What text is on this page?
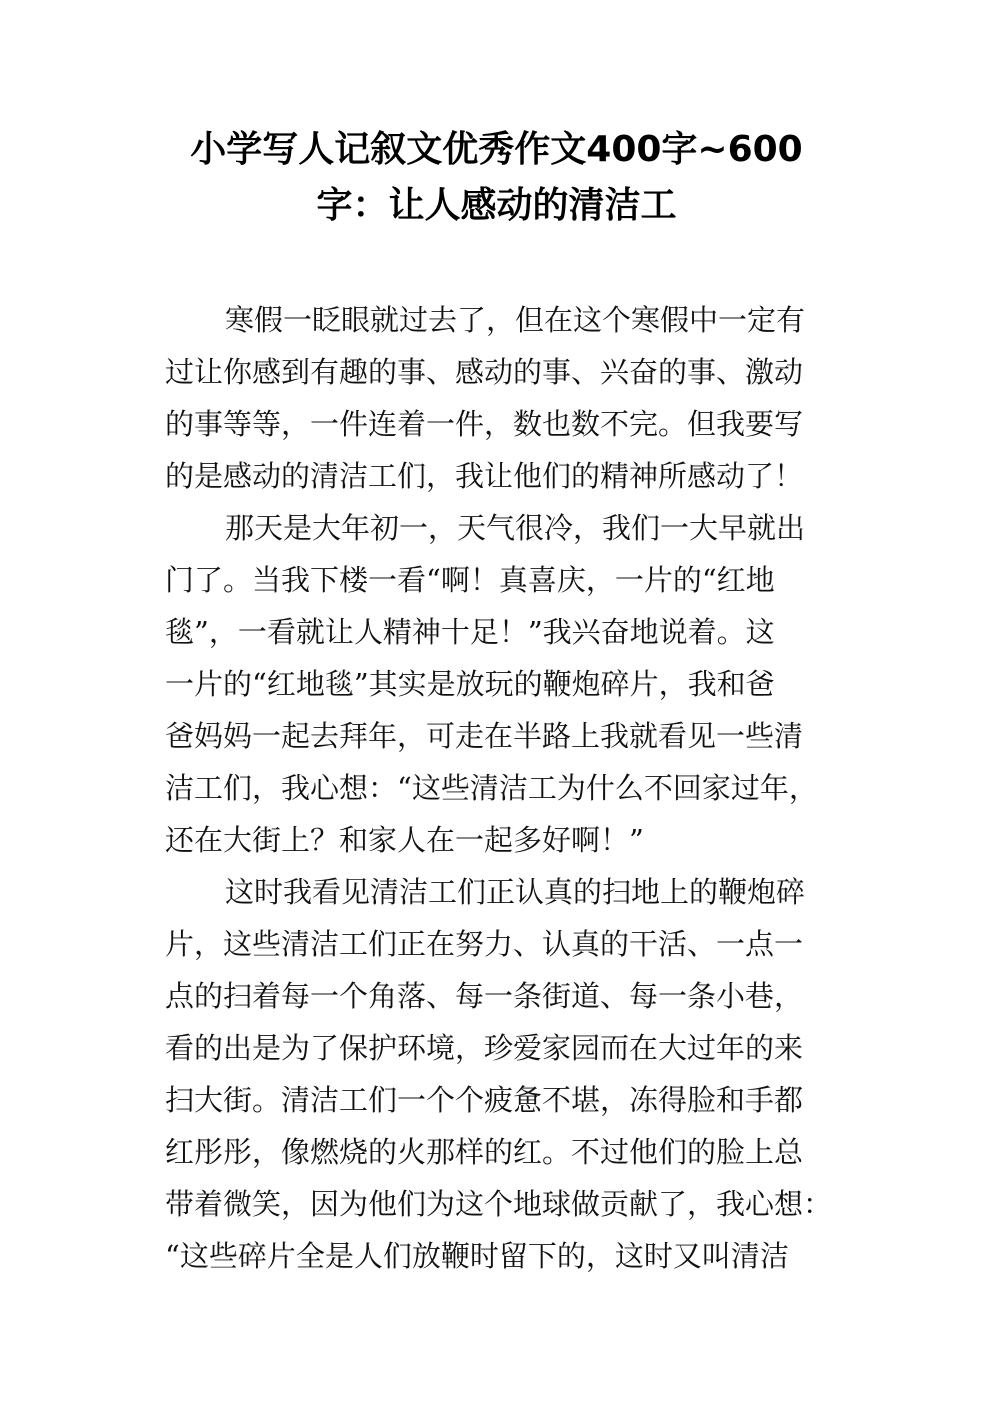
小学写人记叙文优秀作文400字~600
字：让人感动的清洁工
寒假一眨眼就过去了，但在这个寒假中一定有
过让你感到有趣的事、感动的事、兴奋的事、激动
的事等等，一件连着一件，数也数不完。但我要写
的是感动的清洁工们，我让他们的精神所感动了！
那天是大年初一，天气很冷，我们一大早就出
门了。当我下楼一看“啊！真喜庆，一片的“红地
毯”，一看就让人精神十足！”我兴奋地说着。这
一片的“红地毯”其实是放玩的鞭炮碎片，我和爸
爸妈妈一起去拜年，可走在半路上我就看见一些清
洁工们，我心想：“这些清洁工为什么不回家过年，
还在大街上？和家人在一起多好啊！”
这时我看见清洁工们正认真的扫地上的鞭炮碎
片，这些清洁工们正在努力、认真的干活、一点一
点的扫着每一个角落、每一条街道、每一条小巷，
看的出是为了保护环境，珍爱家园而在大过年的来
扫大街。清洁工们一个个疲惫不堪，冻得脸和手都
红彤彤，像燃烧的火那样的红。不过他们的脸上总
带着微笑，因为他们为这个地球做贡献了，我心想：
“这些碎片全是人们放鞭时留下的，这时又叫清洁
